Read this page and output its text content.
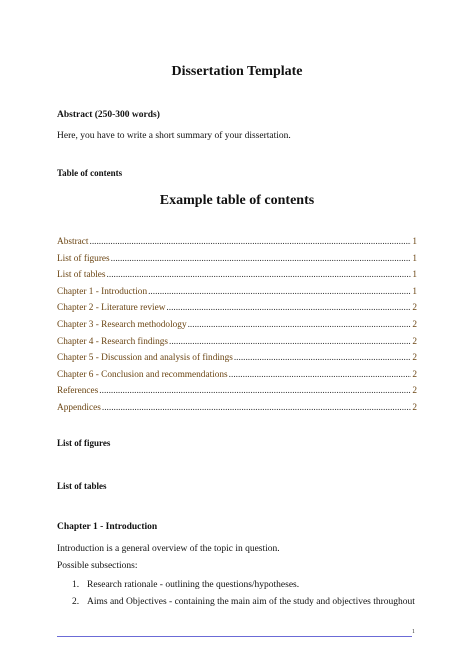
Dissertation Template
Abstract (250-300 words)
Here, you have to write a short summary of your dissertation.
Table of contents
Example table of contents
Abstract .....	1
List of figures .....	1
List of tables .....	1
Chapter 1 - Introduction .....	1
Chapter 2 - Literature review .....	2
Chapter 3 - Research methodology .....	2
Chapter 4 - Research findings .....	2
Chapter 5 - Discussion and analysis of findings .....	2
Chapter 6 - Conclusion and recommendations .....	2
References .....	2
Appendices .....	2
List of figures
List of tables
Chapter 1 - Introduction
Introduction is a general overview of the topic in question.
Possible subsections:
1. Research rationale - outlining the questions/hypotheses.
2. Aims and Objectives - containing the main aim of the study and objectives throughout
1
